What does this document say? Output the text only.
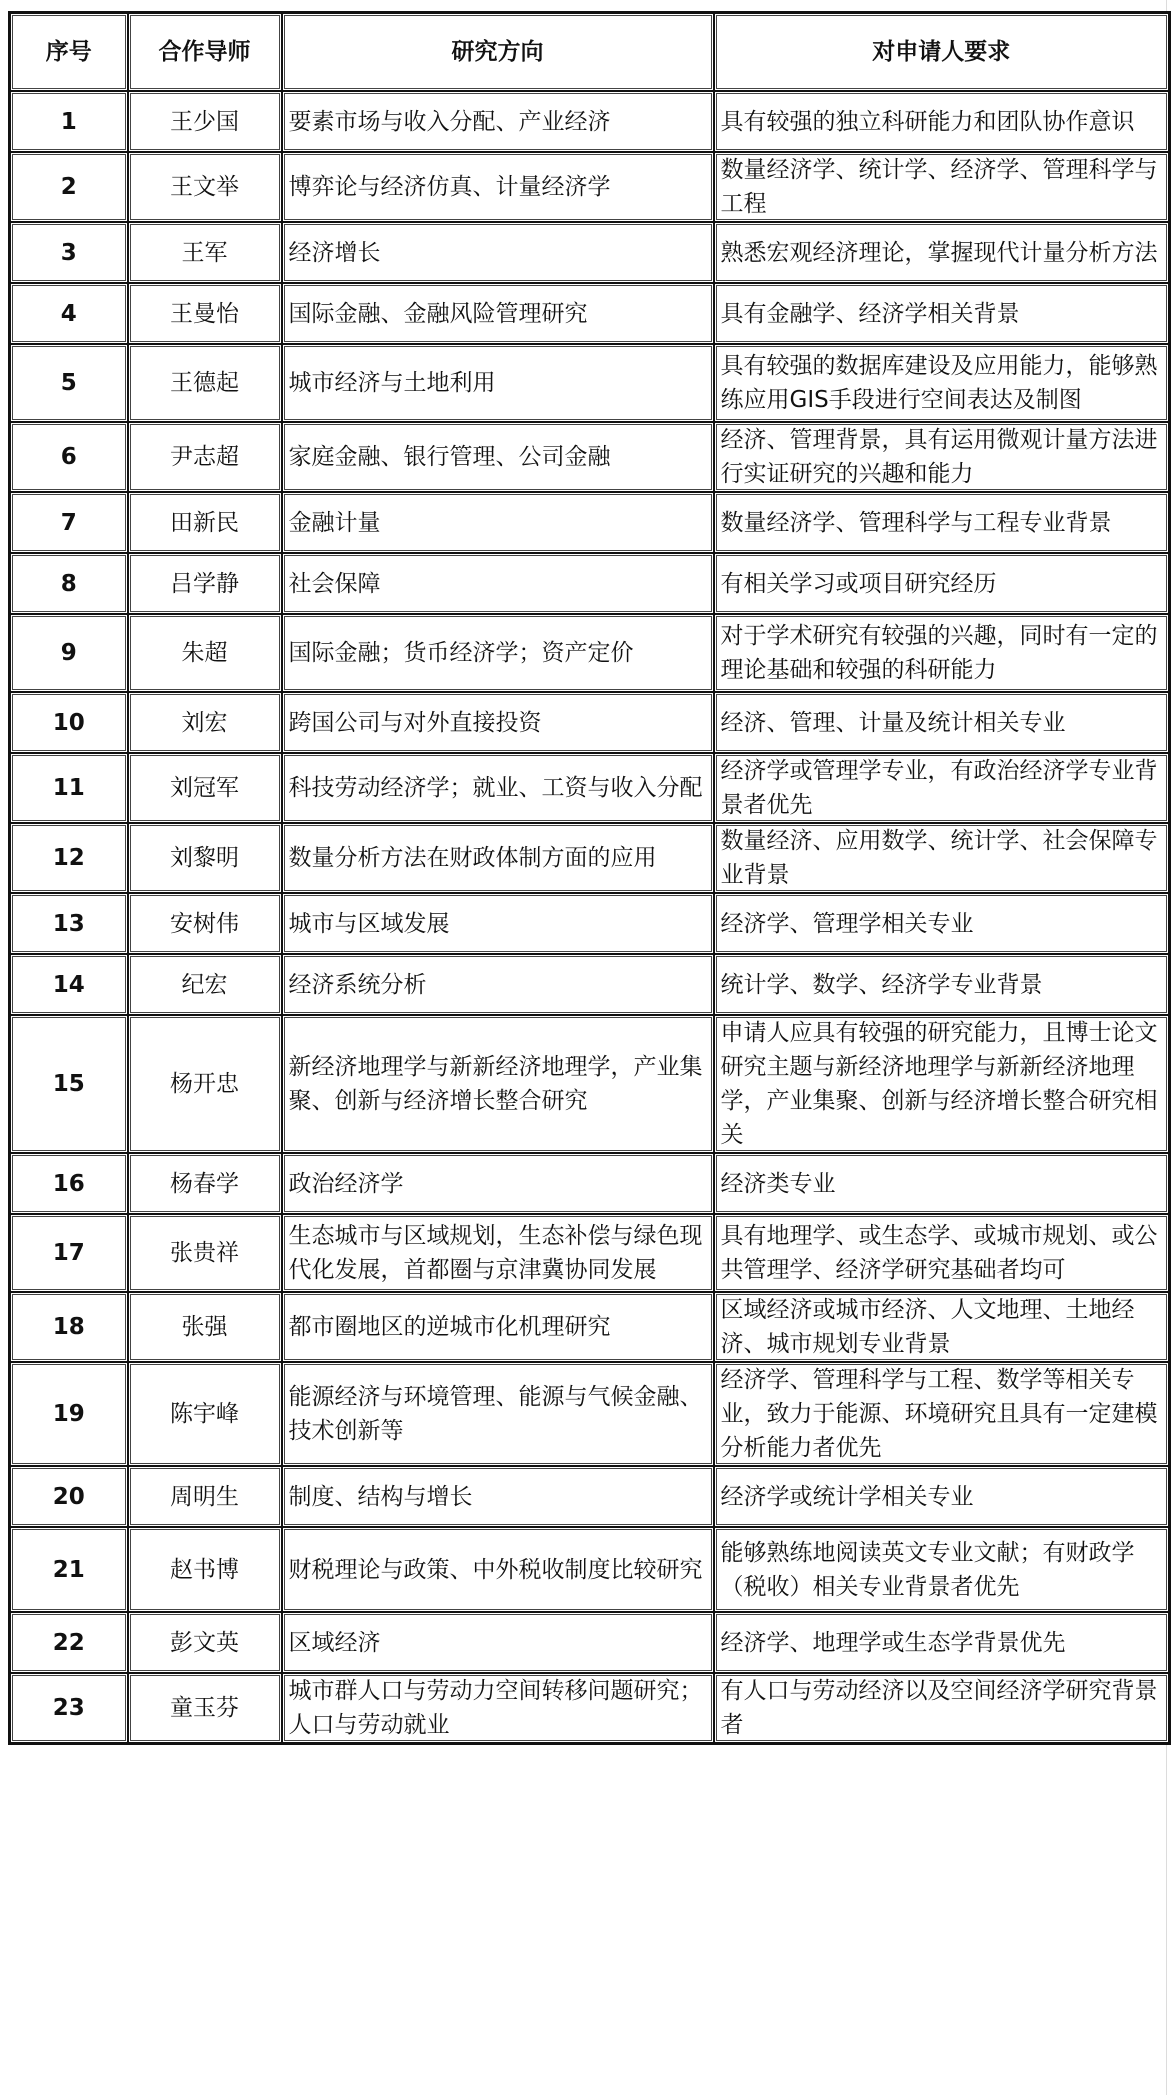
序号	合作导师	研究方向	对申请人要求
1	王少国	要素市场与收入分配、产业经济	具有较强的独立科研能力和团队协作意识
2	王文举	博弈论与经济仿真、计量经济学	数量经济学、统计学、经济学、管理科学与工程
3	王军	经济增长	熟悉宏观经济理论，掌握现代计量分析方法
4	王曼怡	国际金融、金融风险管理研究	具有金融学、经济学相关背景
5	王德起	城市经济与土地利用	具有较强的数据库建设及应用能力，能够熟练应用GIS手段进行空间表达及制图
6	尹志超	家庭金融、银行管理、公司金融	经济、管理背景，具有运用微观计量方法进行实证研究的兴趣和能力
7	田新民	金融计量	数量经济学、管理科学与工程专业背景
8	吕学静	社会保障	有相关学习或项目研究经历
9	朱超	国际金融；货币经济学；资产定价	对于学术研究有较强的兴趣，同时有一定的理论基础和较强的科研能力
10	刘宏	跨国公司与对外直接投资	经济、管理、计量及统计相关专业
11	刘冠军	科技劳动经济学；就业、工资与收入分配	经济学或管理学专业，有政治经济学专业背景者优先
12	刘黎明	数量分析方法在财政体制方面的应用	数量经济、应用数学、统计学、社会保障专业背景
13	安树伟	城市与区域发展	经济学、管理学相关专业
14	纪宏	经济系统分析	统计学、数学、经济学专业背景
15	杨开忠	新经济地理学与新新经济地理学，产业集聚、创新与经济增长整合研究	申请人应具有较强的研究能力，且博士论文研究主题与新经济地理学与新新经济地理学，产业集聚、创新与经济增长整合研究相关
16	杨春学	政治经济学	经济类专业
17	张贵祥	生态城市与区域规划，生态补偿与绿色现代化发展，首都圈与京津冀协同发展	具有地理学、或生态学、或城市规划、或公共管理学、经济学研究基础者均可
18	张强	都市圈地区的逆城市化机理研究	区域经济或城市经济、人文地理、土地经济、城市规划专业背景
19	陈宇峰	能源经济与环境管理、能源与气候金融、技术创新等	经济学、管理科学与工程、数学等相关专业，致力于能源、环境研究且具有一定建模分析能力者优先
20	周明生	制度、结构与增长	经济学或统计学相关专业
21	赵书博	财税理论与政策、中外税收制度比较研究	能够熟练地阅读英文专业文献；有财政学（税收）相关专业背景者优先
22	彭文英	区域经济	经济学、地理学或生态学背景优先
23	童玉芬	城市群人口与劳动力空间转移问题研究；人口与劳动就业	有人口与劳动经济以及空间经济学研究背景者
